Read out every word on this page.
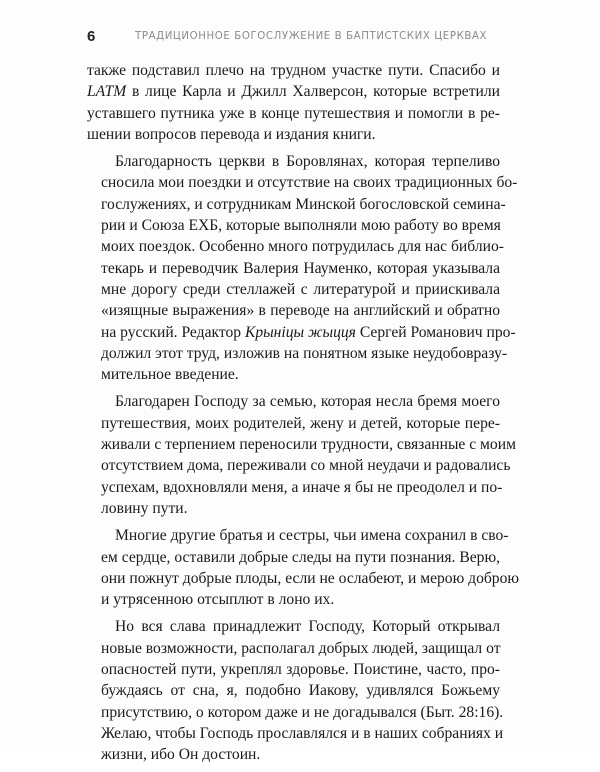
6	ТРАДИЦИОННОЕ БОГОСЛУЖЕНИЕ В БАПТИСТСКИХ ЦЕРКВАХ

также подставил плечо на трудном участке пути. Спасибо и
LATM в лице Карла и Джилл Халверсон, которые встретили
уставшего путника уже в конце путешествия и помогли в ре-
шении вопросов перевода и издания книги.

Благодарность церкви в Боровлянах, которая терпеливо
сносила мои поездки и отсутствие на своих традиционных бо-
гослужениях, и сотрудникам Минской богословской семина-
рии и Союза ЕХБ, которые выполняли мою работу во время
моих поездок. Особенно много потрудилась для нас библио-
текарь и переводчик Валерия Науменко, которая указывала
мне дорогу среди стеллажей с литературой и приискивала
«изящные выражения» в переводе на английский и обратно
на русский. Редактор Крыніцы жыцця Сергей Романович про-
должил этот труд, изложив на понятном языке неудобовразу-
мительное введение.

Благодарен Господу за семью, которая несла бремя моего
путешествия, моих родителей, жену и детей, которые пере-
живали с терпением переносили трудности, связанные с моим
отсутствием дома, переживали со мной неудачи и радовались
успехам, вдохновляли меня, а иначе я бы не преодолел и по-
ловину пути.

Многие другие братья и сестры, чьи имена сохранил в сво-
ем сердце, оставили добрые следы на пути познания. Верю,
они пожнут добрые плоды, если не ослабеют, и мерою доброю
и утрясенною отсыплют в лоно их.

Но вся слава принадлежит Господу, Который открывал
новые возможности, располагал добрых людей, защищал от
опасностей пути, укреплял здоровье. Поистине, часто, про-
буждаясь от сна, я, подобно Иакову, удивлялся Божьему
присутствию, о котором даже и не догадывался (Быт. 28:16).
Желаю, чтобы Господь прославлялся и в наших собраниях и
жизни, ибо Он достоин.
